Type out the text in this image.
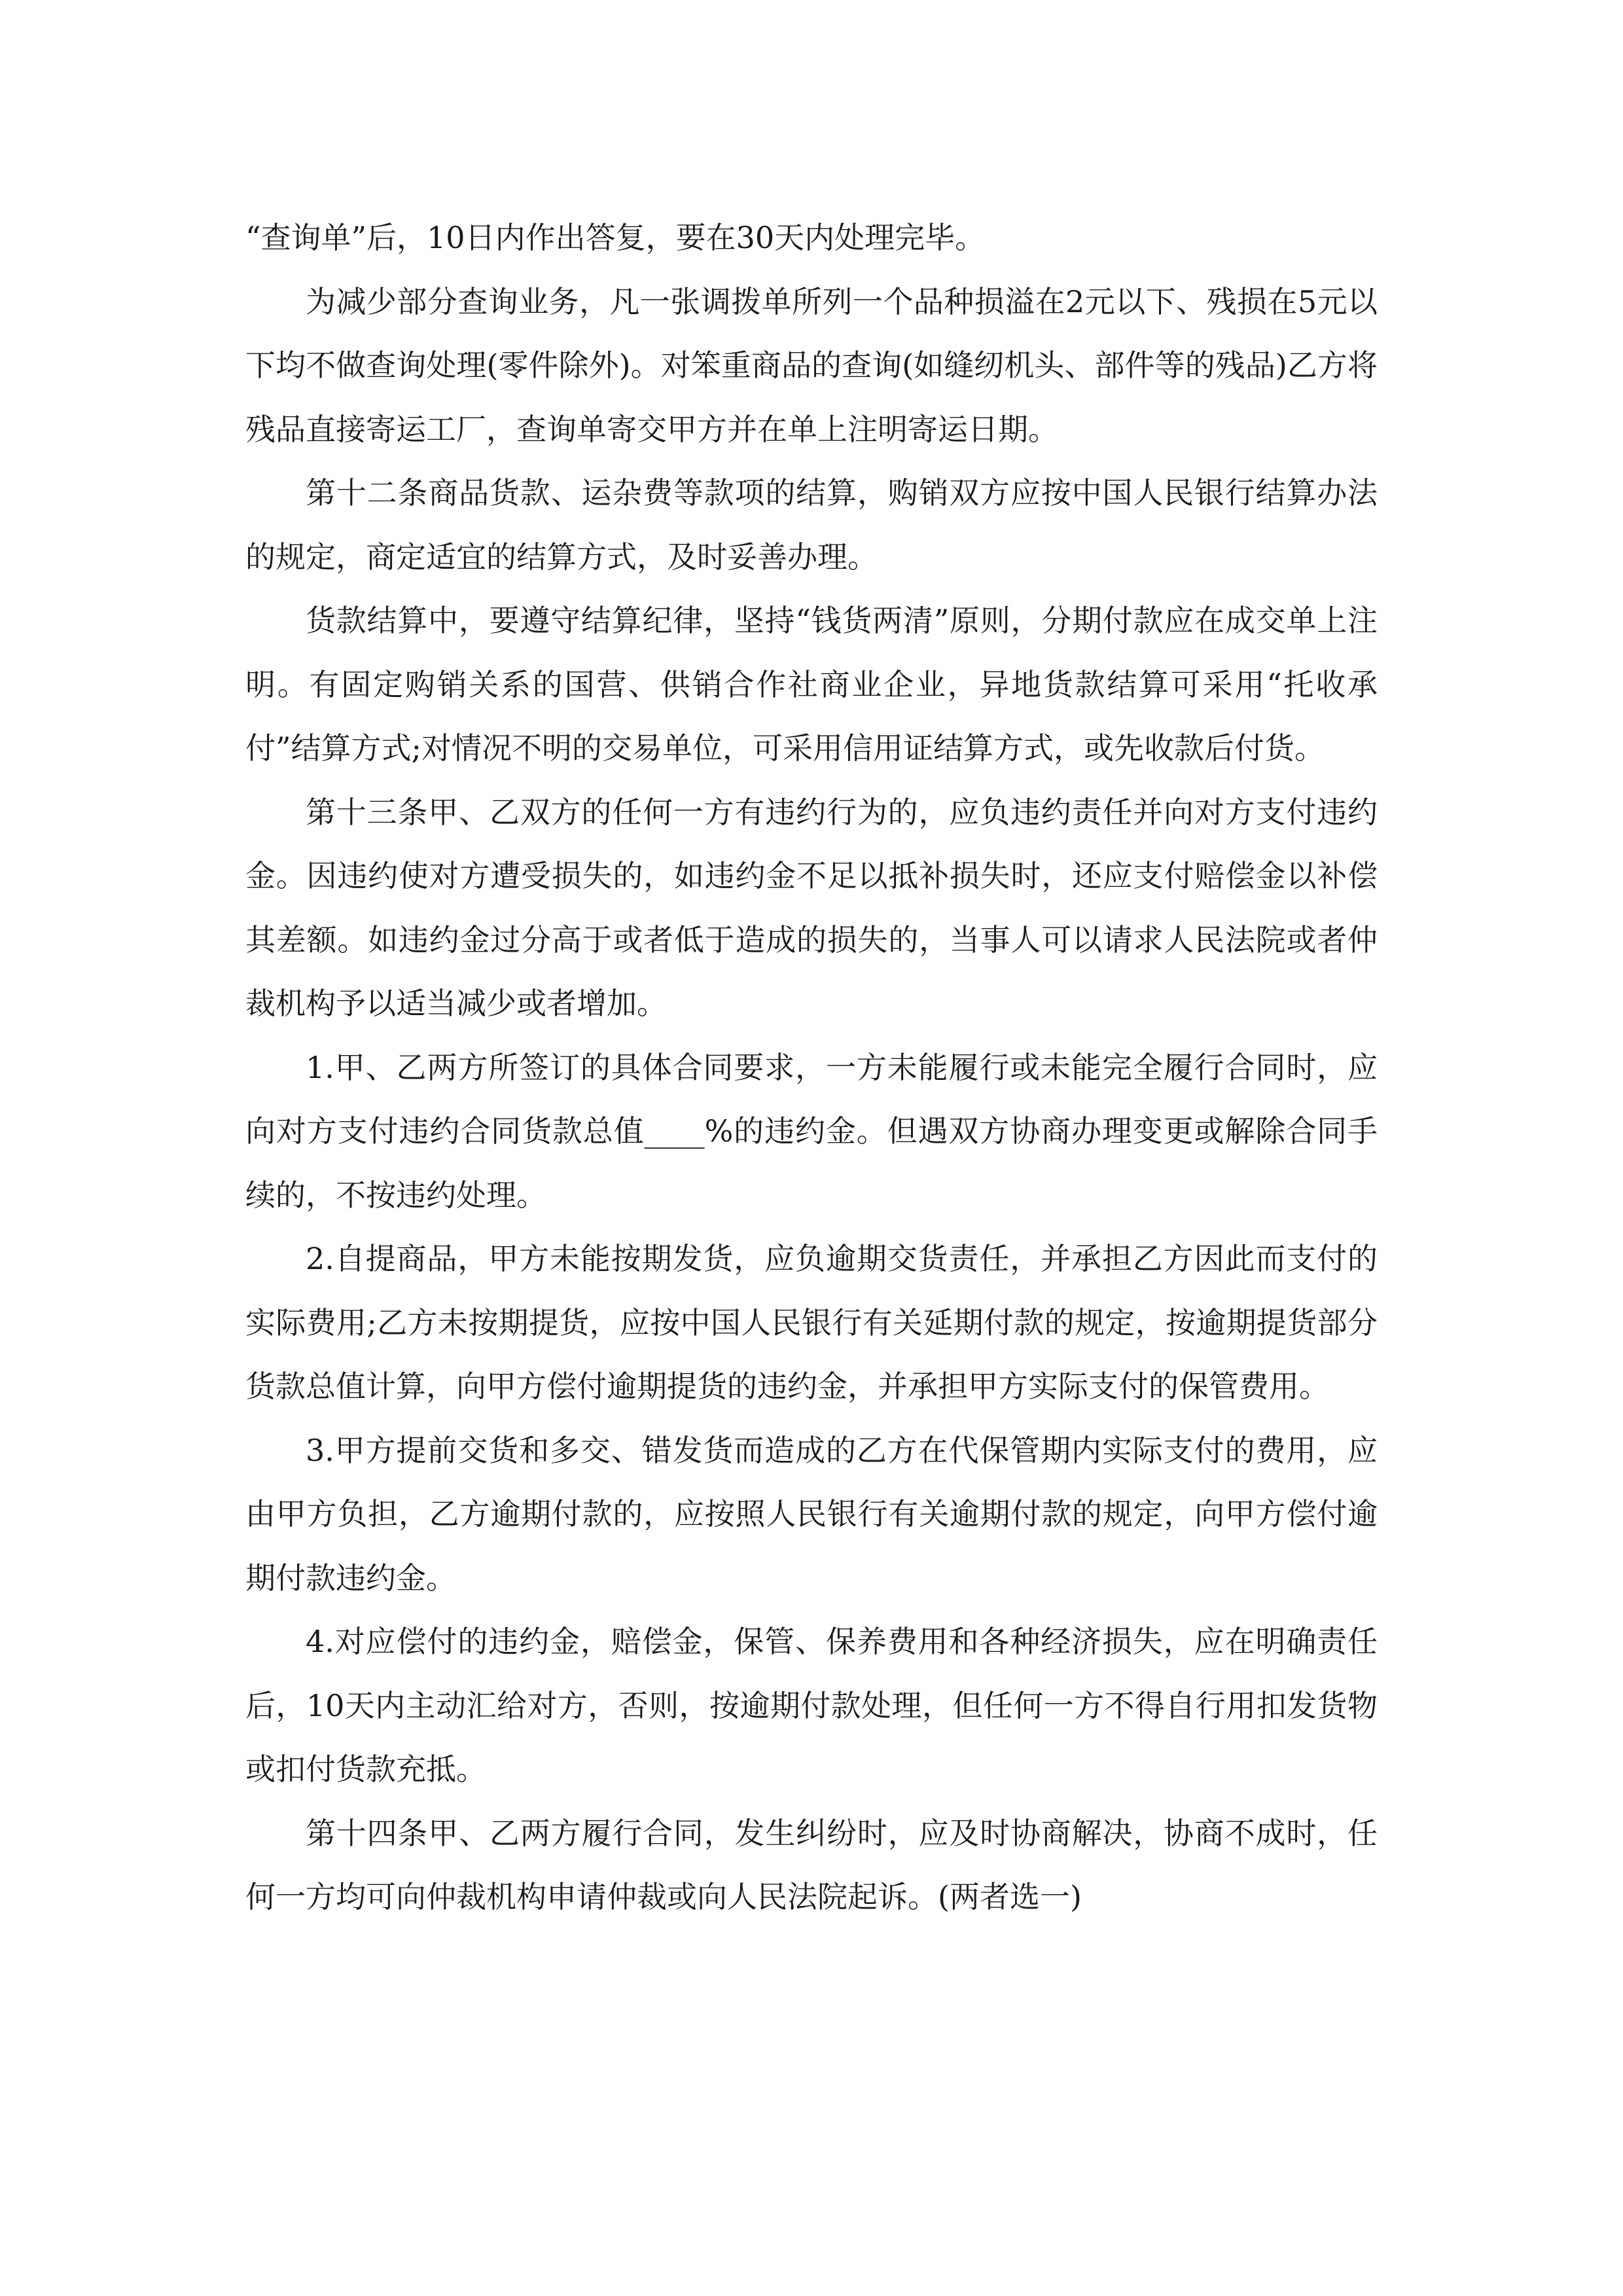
“查询单”后，10日内作出答复，要在30天内处理完毕。

为减少部分查询业务，凡一张调拨单所列一个品种损溢在2元以下、残损在5元以下均不做查询处理(零件除外)。对笨重商品的查询(如缝纫机头、部件等的残品)乙方将残品直接寄运工厂，查询单寄交甲方并在单上注明寄运日期。

第十二条商品货款、运杂费等款项的结算，购销双方应按中国人民银行结算办法的规定，商定适宜的结算方式，及时妥善办理。

货款结算中，要遵守结算纪律，坚持“钱货两清”原则，分期付款应在成交单上注明。有固定购销关系的国营、供销合作社商业企业，异地货款结算可采用“托收承付”结算方式;对情况不明的交易单位，可采用信用证结算方式，或先收款后付货。

第十三条甲、乙双方的任何一方有违约行为的，应负违约责任并向对方支付违约金。因违约使对方遭受损失的，如违约金不足以抵补损失时，还应支付赔偿金以补偿其差额。如违约金过分高于或者低于造成的损失的，当事人可以请求人民法院或者仲裁机构予以适当减少或者增加。

1.甲、乙两方所签订的具体合同要求，一方未能履行或未能完全履行合同时，应向对方支付违约合同货款总值____%的违约金。但遇双方协商办理变更或解除合同手续的，不按违约处理。

2.自提商品，甲方未能按期发货，应负逾期交货责任，并承担乙方因此而支付的实际费用;乙方未按期提货，应按中国人民银行有关延期付款的规定，按逾期提货部分货款总值计算，向甲方偿付逾期提货的违约金，并承担甲方实际支付的保管费用。

3.甲方提前交货和多交、错发货而造成的乙方在代保管期内实际支付的费用，应由甲方负担，乙方逾期付款的，应按照人民银行有关逾期付款的规定，向甲方偿付逾期付款违约金。

4.对应偿付的违约金，赔偿金，保管、保养费用和各种经济损失，应在明确责任后，10天内主动汇给对方，否则，按逾期付款处理，但任何一方不得自行用扣发货物或扣付货款充抵。

第十四条甲、乙两方履行合同，发生纠纷时，应及时协商解决，协商不成时，任何一方均可向仲裁机构申请仲裁或向人民法院起诉。(两者选一)
